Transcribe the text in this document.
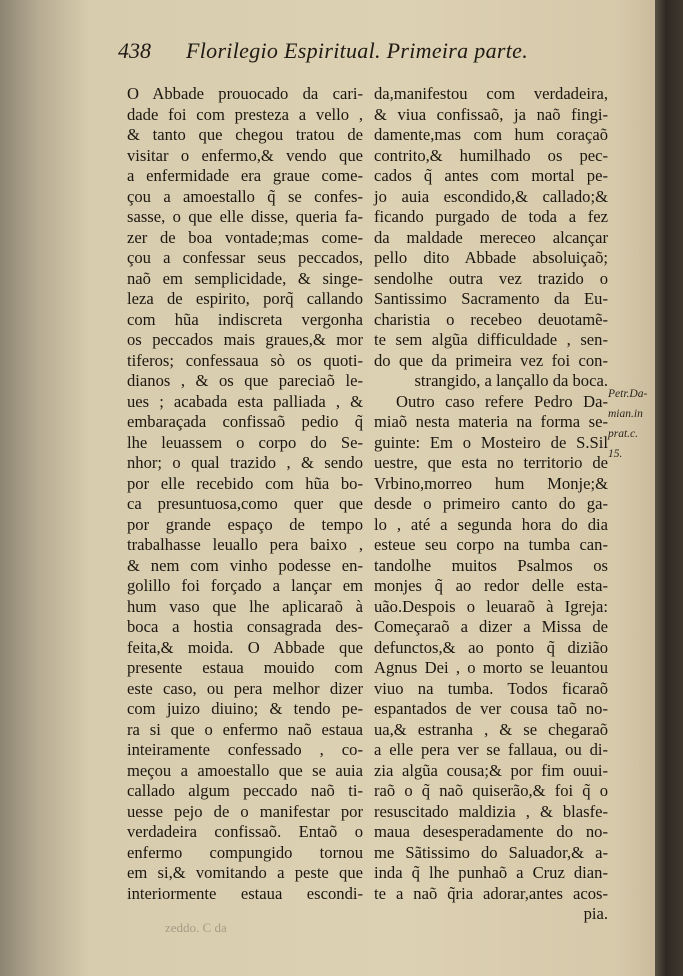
438 Florilegio Espiritual. Primeira parte.
O Abbade prouocado da cari-
dade foi com presteza a vello ,
& tanto que chegou tratou de
visitar o enfermo,& vendo que
a enfermidade era graue come-
çou a amoestallo q̃ se confes-
sasse, o que elle disse, queria fa-
zer de boa vontade;mas come-
çou a confessar seus peccados,
naõ em semplicidade, & singe-
leza de espirito, porq̃ callando
com hũa indiscreta vergonha
os peccados mais graues,& mor
tiferos; confessaua sò os quoti-
dianos , & os que pareciaõ le-
ues ; acabada esta palliada , &
embaraçada confissaõ pedio q̃
lhe leuassem o corpo do Se-
nhor; o qual trazido , & sendo
por elle recebido com hũa bo-
ca presuntuosa,como quer que
por grande espaço de tempo
trabalhasse leuallo pera baixo ,
& nem com vinho podesse en-
golillo foi forçado a lançar em
hum vaso que lhe aplicaraõ à
boca a hostia consagrada des-
feita,& moida. O Abbade que
presente estaua mouido com
este caso, ou pera melhor dizer
com juizo diuino; & tendo pe-
ra si que o enfermo naõ estaua
inteiramente confessado , co-
meçou a amoestallo que se auia
callado algum peccado naõ ti-
uesse pejo de o manifestar por
verdadeira confissaõ. Entaõ o
enfermo compungido tornou
em si,& vomitando a peste que
interiormente estaua escondi-
da,manifestou com verdadeira,
& viua confissaõ, ja naõ fingi-
damente,mas com hum coraçaõ
contrito,& humilhado os pec-
cados q̃ antes com mortal pe-
jo auia escondido,& callado;&
ficando purgado de toda a fez
da maldade mereceo alcançar
pello dito Abbade absoluiçaõ;
sendolhe outra vez trazido o
Santissimo Sacramento da Eu-
charistia o recebeo deuotamẽ-
te sem algũa difficuldade , sen-
do que da primeira vez foi con-
strangido, a lançallo da boca.
Outro caso refere Pedro Da-
miaõ nesta materia na forma se-
guinte: Em o Mosteiro de S.Sil
uestre, que esta no territorio de
Vrbino,morreo hum Monje;&
desde o primeiro canto do ga-
lo , até a segunda hora do dia
esteue seu corpo na tumba can-
tandolhe muitos Psalmos os
monjes q̃ ao redor delle esta-
uão.Despois o leuaraõ à Igreja:
Começaraõ a dizer a Missa de
defunctos,& ao ponto q̃ dizião
Agnus Dei , o morto se leuantou
viuo na tumba. Todos ficaraõ
espantados de ver cousa taõ no-
ua,& estranha , & se chegaraõ
a elle pera ver se fallaua, ou di-
zia algũa cousa;& por fim ouui-
raõ o q̃ naõ quiserão,& foi q̃ o
resuscitado maldizia , & blasfe-
maua desesperadamente do no-
me Sãtissimo do Saluador,& a-
inda q̃ lhe punhaõ a Cruz dian-
te a naõ q̃ria adorar,antes acos-
pia.
Petr.Da-
mian.in
prat.c.
15.
zeddo. C da
